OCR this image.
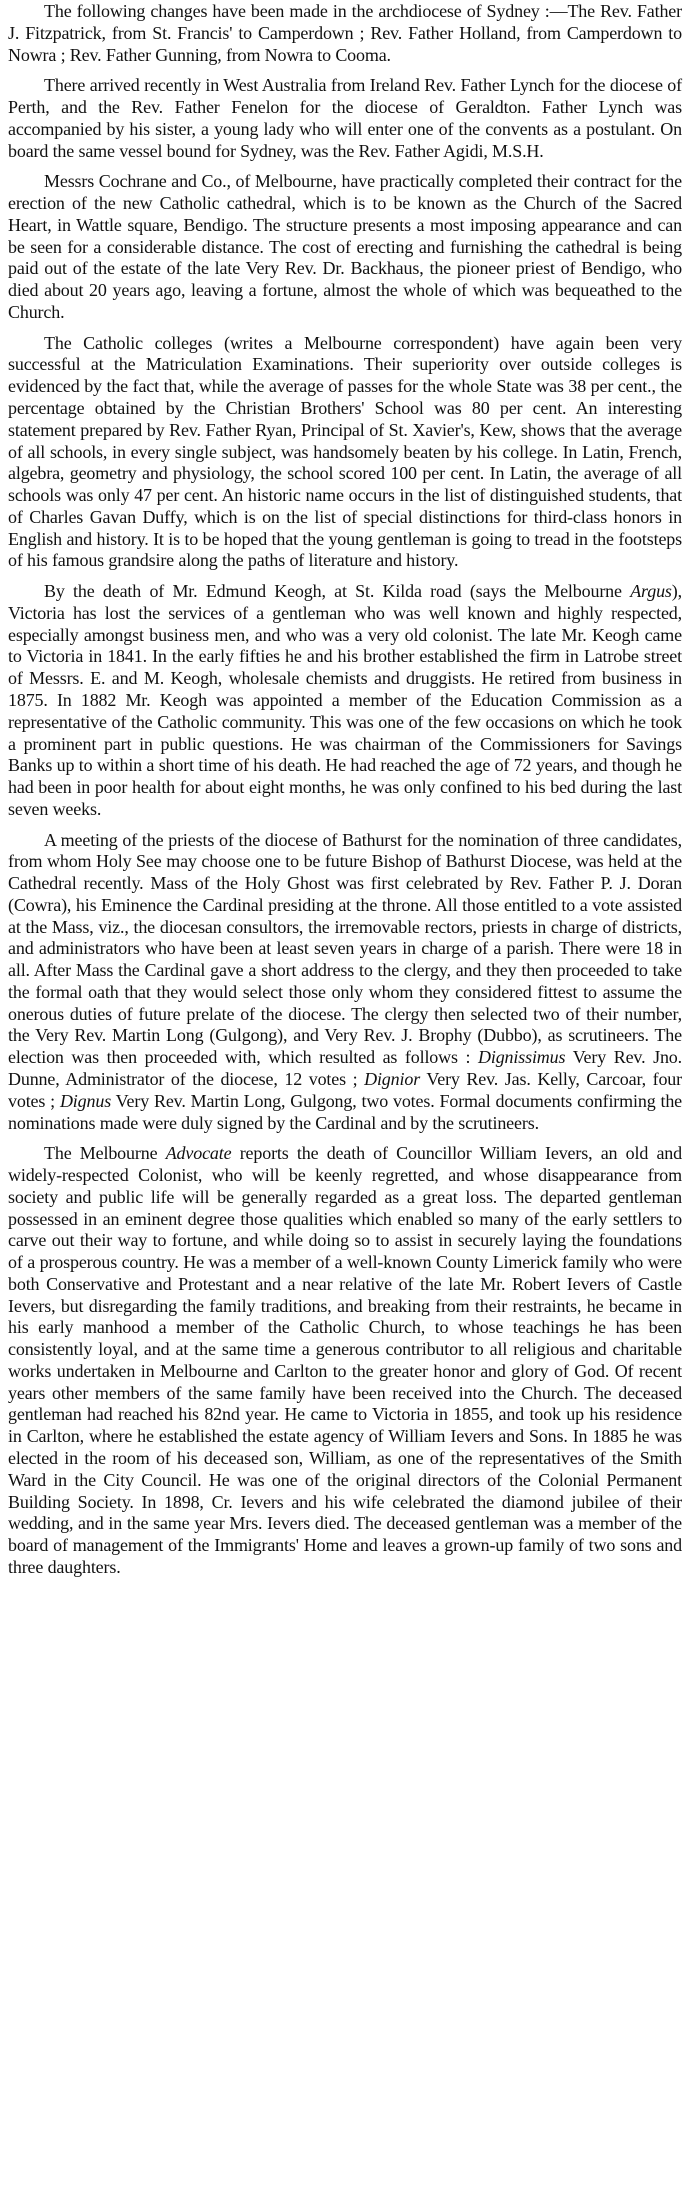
The following changes have been made in the archdiocese of Sydney :—The Rev. Father J. Fitzpatrick, from St. Francis' to Camperdown ; Rev. Father Holland, from Camperdown to Nowra ; Rev. Father Gunning, from Nowra to Cooma.

There arrived recently in West Australia from Ireland Rev. Father Lynch for the diocese of Perth, and the Rev. Father Fenelon for the diocese of Geraldton. Father Lynch was accompanied by his sister, a young lady who will enter one of the convents as a postulant. On board the same vessel bound for Sydney, was the Rev. Father Agidi, M.S.H.

Messrs Cochrane and Co., of Melbourne, have practically completed their contract for the erection of the new Catholic cathedral, which is to be known as the Church of the Sacred Heart, in Wattle square, Bendigo. The structure presents a most imposing appearance and can be seen for a considerable distance. The cost of erecting and furnishing the cathedral is being paid out of the estate of the late Very Rev. Dr. Backhaus, the pioneer priest of Bendigo, who died about 20 years ago, leaving a fortune, almost the whole of which was bequeathed to the Church.

The Catholic colleges (writes a Melbourne correspondent) have again been very successful at the Matriculation Examinations. Their superiority over outside colleges is evidenced by the fact that, while the average of passes for the whole State was 38 per cent., the percentage obtained by the Christian Brothers' School was 80 per cent. An interesting statement prepared by Rev. Father Ryan, Principal of St. Xavier's, Kew, shows that the average of all schools, in every single subject, was handsomely beaten by his college. In Latin, French, algebra, geometry and physiology, the school scored 100 per cent. In Latin, the average of all schools was only 47 per cent. An historic name occurs in the list of distinguished students, that of Charles Gavan Duffy, which is on the list of special distinctions for third-class honors in English and history. It is to be hoped that the young gentleman is going to tread in the footsteps of his famous grandsire along the paths of literature and history.

By the death of Mr. Edmund Keogh, at St. Kilda road (says the Melbourne Argus), Victoria has lost the services of a gentleman who was well known and highly respected, especially amongst business men, and who was a very old colonist. The late Mr. Keogh came to Victoria in 1841. In the early fifties he and his brother established the firm in Latrobe street of Messrs. E. and M. Keogh, wholesale chemists and druggists. He retired from business in 1875. In 1882 Mr. Keogh was appointed a member of the Education Commission as a representative of the Catholic community. This was one of the few occasions on which he took a prominent part in public questions. He was chairman of the Commissioners for Savings Banks up to within a short time of his death. He had reached the age of 72 years, and though he had been in poor health for about eight months, he was only confined to his bed during the last seven weeks.

A meeting of the priests of the diocese of Bathurst for the nomination of three candidates, from whom Holy See may choose one to be future Bishop of Bathurst Diocese, was held at the Cathedral recently. Mass of the Holy Ghost was first celebrated by Rev. Father P. J. Doran (Cowra), his Eminence the Cardinal presiding at the throne. All those entitled to a vote assisted at the Mass, viz., the diocesan consultors, the irremovable rectors, priests in charge of districts, and administrators who have been at least seven years in charge of a parish. There were 18 in all. After Mass the Cardinal gave a short address to the clergy, and they then proceeded to take the formal oath that they would select those only whom they considered fittest to assume the onerous duties of future prelate of the diocese. The clergy then selected two of their number, the Very Rev. Martin Long (Gulgong), and Very Rev. J. Brophy (Dubbo), as scrutineers. The election was then proceeded with, which resulted as follows : Dignissimus Very Rev. Jno. Dunne, Administrator of the diocese, 12 votes ; Dignior Very Rev. Jas. Kelly, Carcoar, four votes ; Dignus Very Rev. Martin Long, Gulgong, two votes. Formal documents confirming the nominations made were duly signed by the Cardinal and by the scrutineers.

The Melbourne Advocate reports the death of Councillor William Ievers, an old and widely-respected Colonist, who will be keenly regretted, and whose disappearance from society and public life will be generally regarded as a great loss. The departed gentleman possessed in an eminent degree those qualities which enabled so many of the early settlers to carve out their way to fortune, and while doing so to assist in securely laying the foundations of a prosperous country. He was a member of a well-known County Limerick family who were both Conservative and Protestant and a near relative of the late Mr. Robert Ievers of Castle Ievers, but disregarding the family traditions, and breaking from their restraints, he became in his early manhood a member of the Catholic Church, to whose teachings he has been consistently loyal, and at the same time a generous contributor to all religious and charitable works undertaken in Melbourne and Carlton to the greater honor and glory of God. Of recent years other members of the same family have been received into the Church. The deceased gentleman had reached his 82nd year. He came to Victoria in 1855, and took up his residence in Carlton, where he established the estate agency of William Ievers and Sons. In 1885 he was elected in the room of his deceased son, William, as one of the representatives of the Smith Ward in the City Council. He was one of the original directors of the Colonial Permanent Building Society. In 1898, Cr. Ievers and his wife celebrated the diamond jubilee of their wedding, and in the same year Mrs. Ievers died. The deceased gentleman was a member of the board of management of the Immigrants' Home and leaves a grown-up family of two sons and three daughters.
